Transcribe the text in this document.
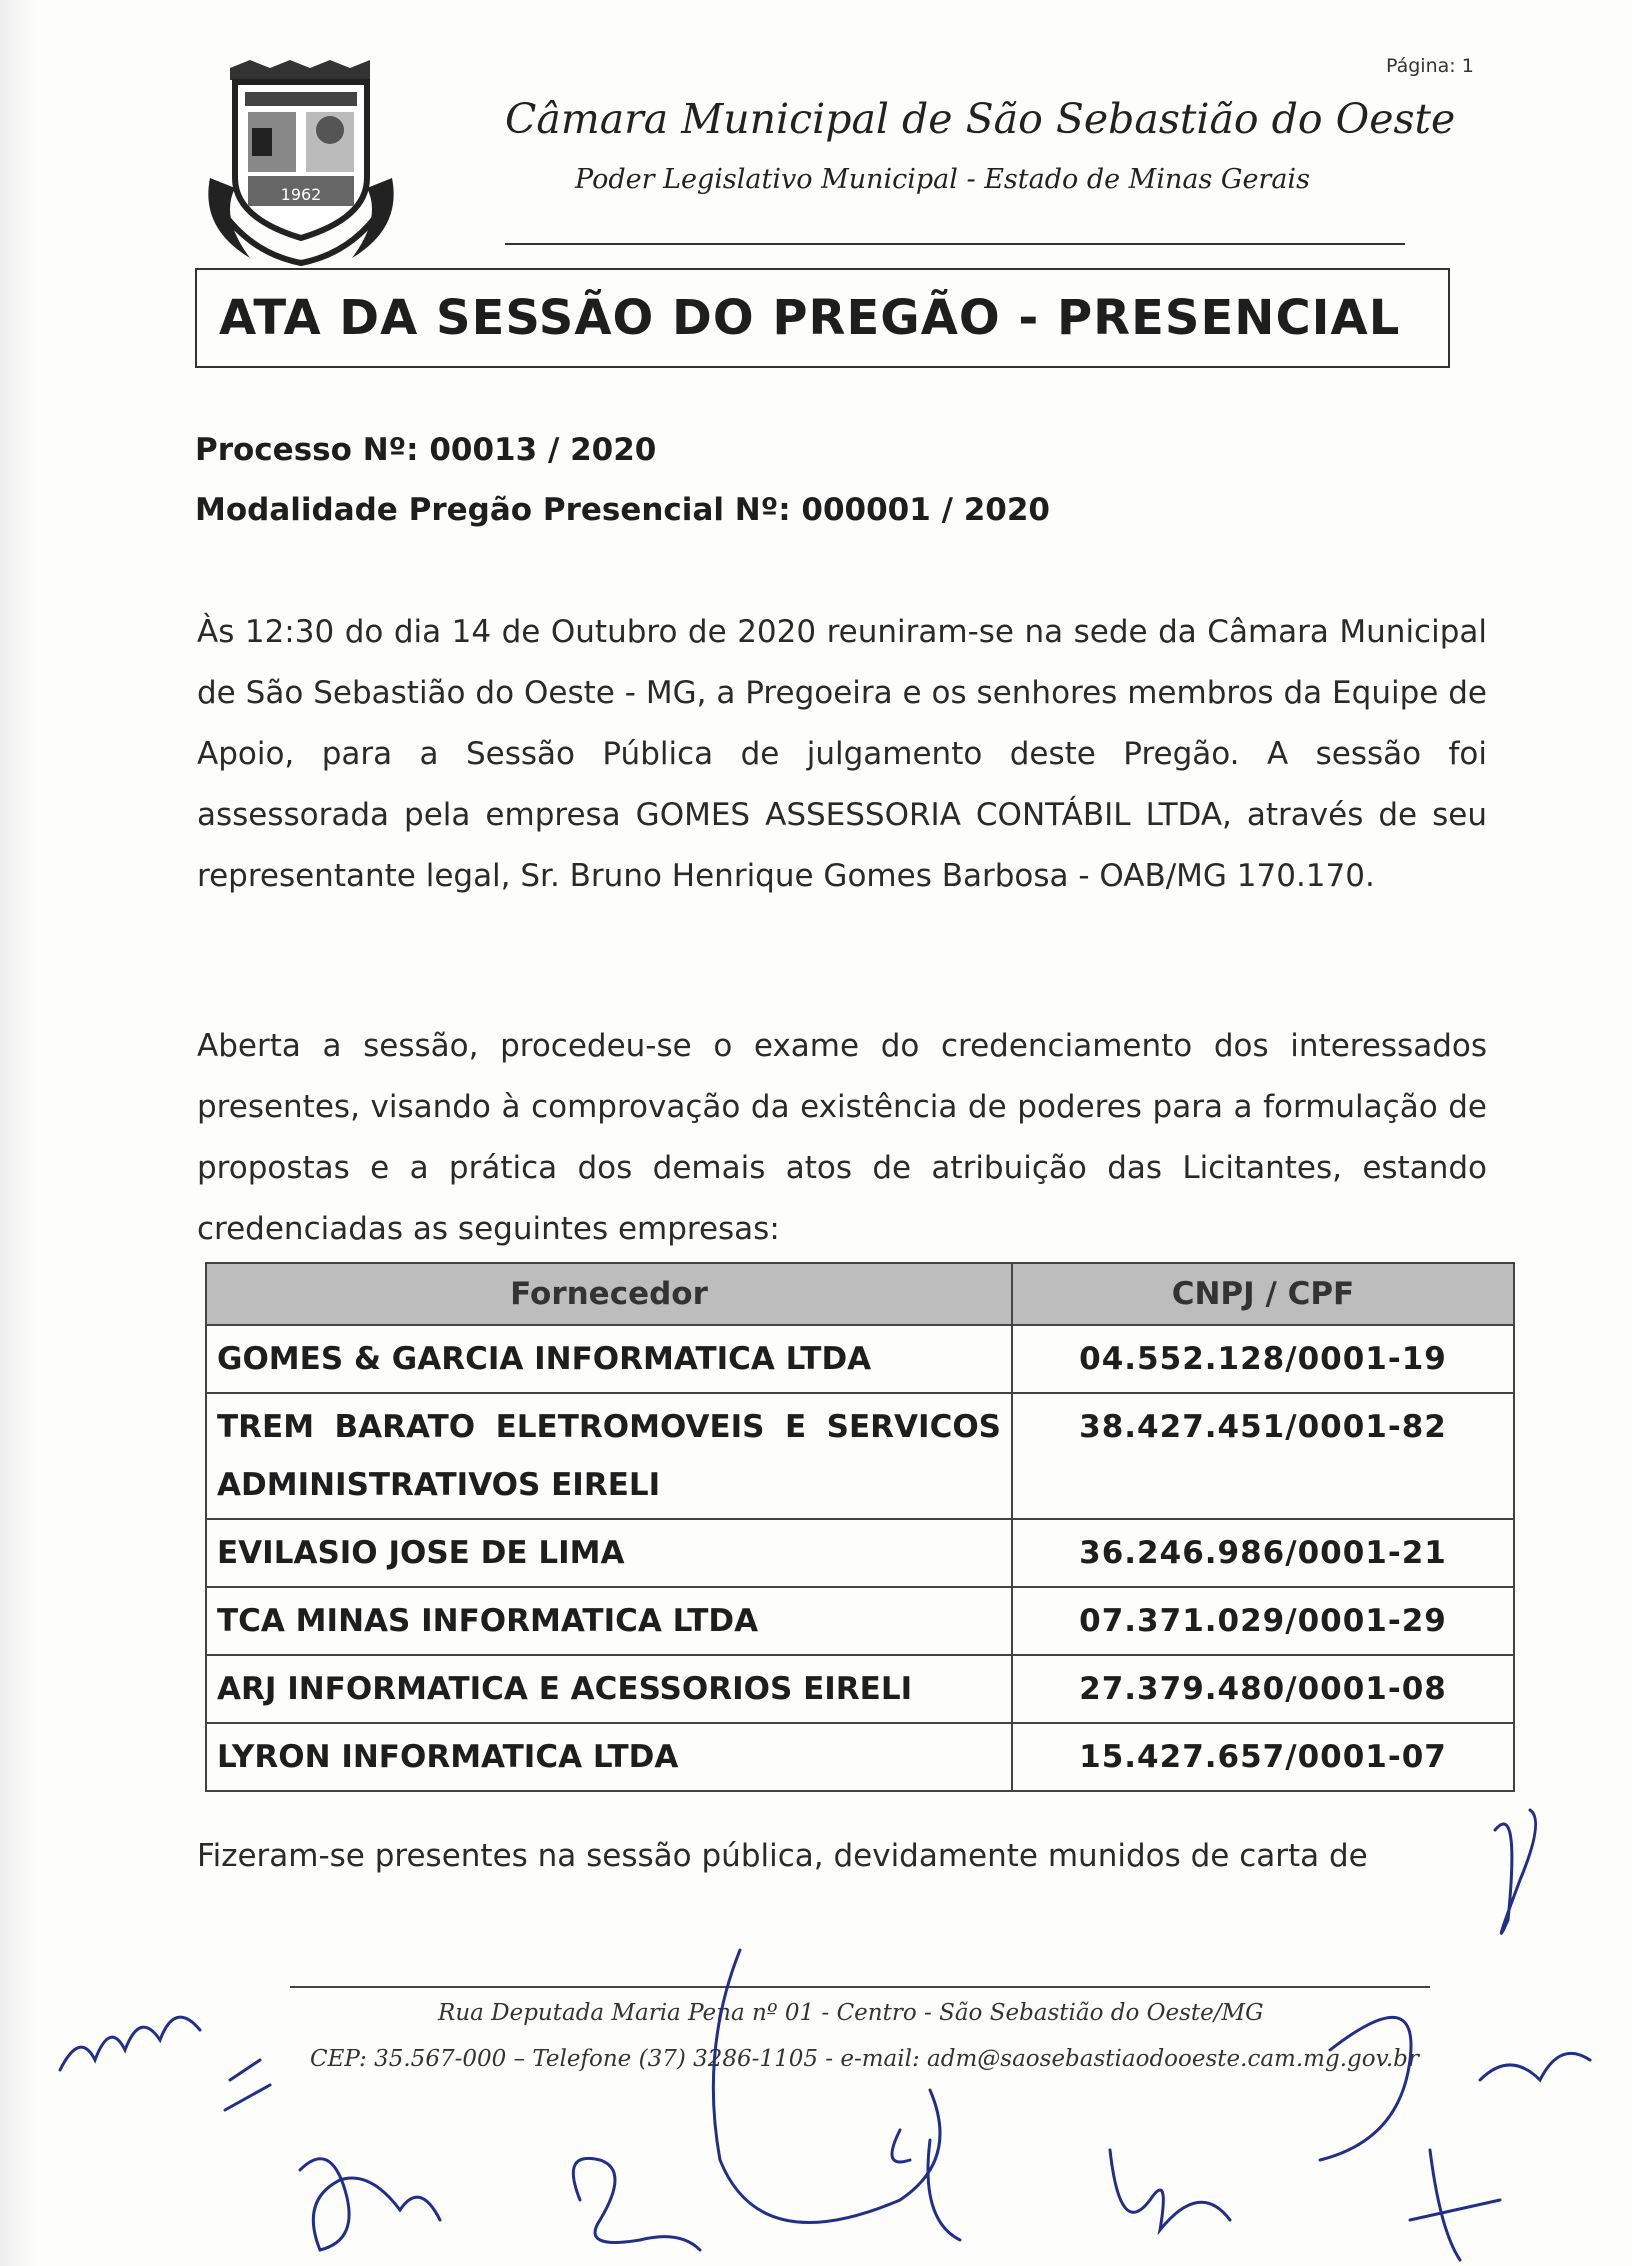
Página: 1
1962
Câmara Municipal de São Sebastião do Oeste
Poder Legislativo Municipal - Estado de Minas Gerais
ATA DA SESSÃO DO PREGÃO - PRESENCIAL
Processo Nº: 00013 / 2020
Modalidade Pregão Presencial Nº: 000001 / 2020
Às 12:30 do dia 14 de Outubro de 2020 reuniram-se na sede da Câmara Municipal de São Sebastião do Oeste - MG, a Pregoeira e os senhores membros da Equipe de Apoio, para a Sessão Pública de julgamento deste Pregão. A sessão foi assessorada pela empresa GOMES ASSESSORIA CONTÁBIL LTDA, através de seu representante legal, Sr. Bruno Henrique Gomes Barbosa - OAB/MG 170.170.
Aberta a sessão, procedeu-se o exame do credenciamento dos interessados presentes, visando à comprovação da existência de poderes para a formulação de propostas e a prática dos demais atos de atribuição das Licitantes, estando credenciadas as seguintes empresas:
Fornecedor	CNPJ / CPF
GOMES & GARCIA INFORMATICA LTDA	04.552.128/0001-19
TREM BARATO ELETROMOVEIS E SERVICOS ADMINISTRATIVOS EIRELI	38.427.451/0001-82
EVILASIO JOSE DE LIMA	36.246.986/0001-21
TCA MINAS INFORMATICA LTDA	07.371.029/0001-29
ARJ INFORMATICA E ACESSORIOS EIRELI	27.379.480/0001-08
LYRON INFORMATICA LTDA	15.427.657/0001-07
Fizeram-se presentes na sessão pública, devidamente munidos de carta de
Rua Deputada Maria Pena nº 01 - Centro - São Sebastião do Oeste/MG
CEP: 35.567-000 – Telefone (37) 3286-1105 - e-mail: adm@saosebastiaodooeste.cam.mg.gov.br
